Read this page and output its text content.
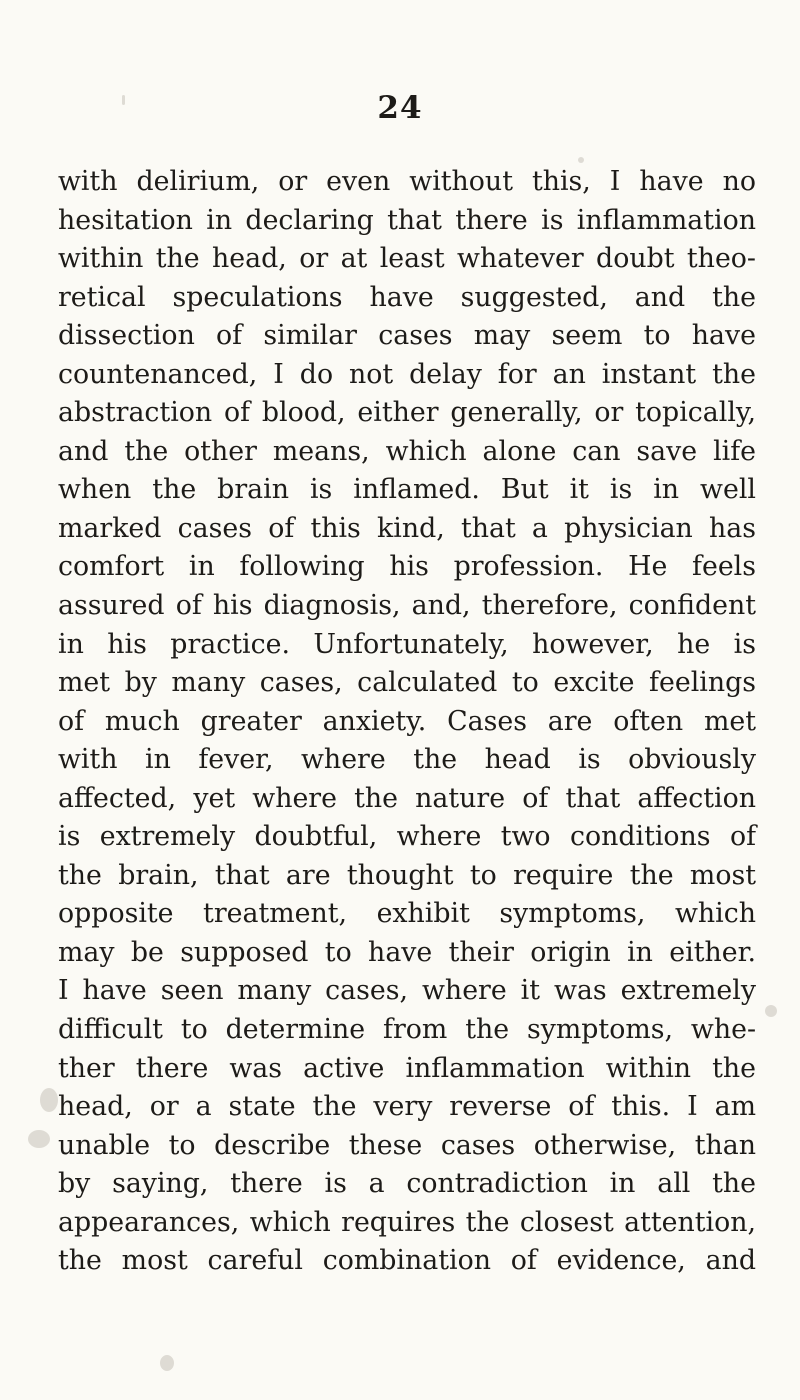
24
with delirium, or even without this, I have no
hesitation in declaring that there is inflammation
within the head, or at least whatever doubt theo-
retical speculations have suggested, and the
dissection of similar cases may seem to have
countenanced, I do not delay for an instant the
abstraction of blood, either generally, or topically,
and the other means, which alone can save life
when the brain is inflamed. But it is in well
marked cases of this kind, that a physician has
comfort in following his profession. He feels
assured of his diagnosis, and, therefore, confident
in his practice. Unfortunately, however, he is
met by many cases, calculated to excite feelings
of much greater anxiety. Cases are often met
with in fever, where the head is obviously
affected, yet where the nature of that affection
is extremely doubtful, where two conditions of
the brain, that are thought to require the most
opposite treatment, exhibit symptoms, which
may be supposed to have their origin in either.
I have seen many cases, where it was extremely
difficult to determine from the symptoms, whe-
ther there was active inflammation within the
head, or a state the very reverse of this. I am
unable to describe these cases otherwise, than
by saying, there is a contradiction in all the
appearances, which requires the closest attention,
the most careful combination of evidence, and
